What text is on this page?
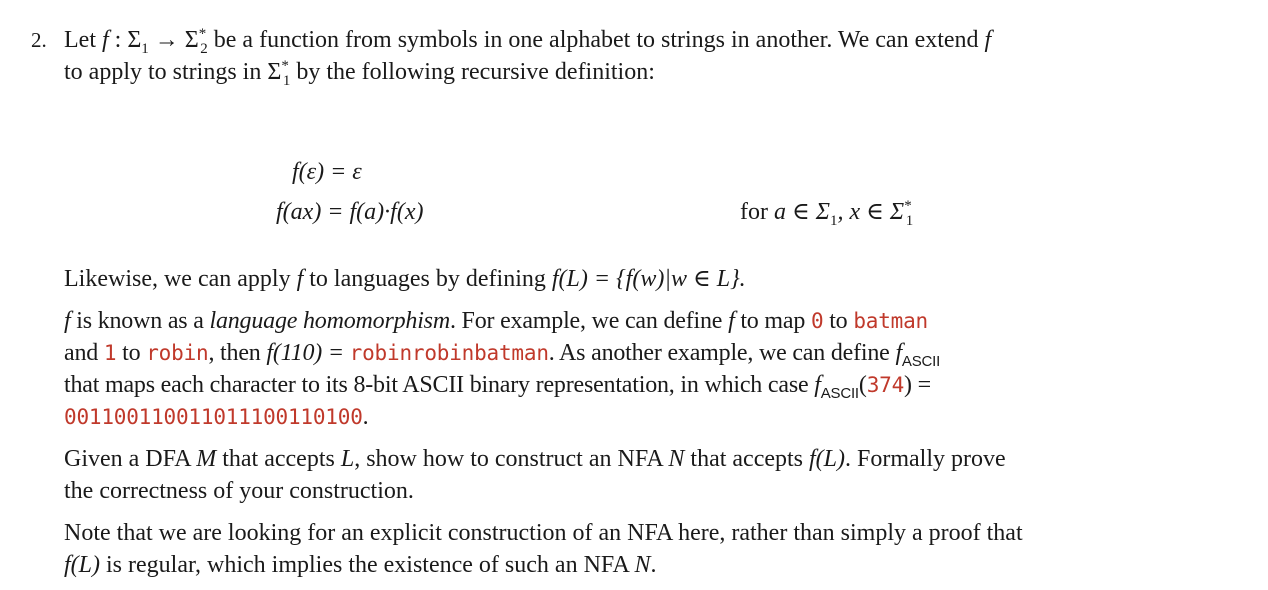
2. Let f : $\Sigma_1 \to \Sigma^*_2$ be a function from symbols in one alphabet to strings in another. We can extend f

to apply to strings in $\Sigma^*_1$ by the following recursive definition:

f(ε) = ε
f(ax) = f(a)·f(x)	for a ∈ $\Sigma_1$, x ∈ $\Sigma^*_1$

Likewise, we can apply f to languages by defining f(L) = {f(w)|w ∈ L}.

f is known as a language homomorphism. For example, we can define f to map 0 to batman

and 1 to robin, then f(110) = robinrobinbatman. As another example, we can define $f_{ASCII}$

that maps each character to its 8-bit ASCII binary representation, in which case $f_{ASCII}(374)$ =

001100110011011100110100.

Given a DFA M that accepts L, show how to construct an NFA N that accepts f(L). Formally prove

the correctness of your construction.

Note that we are looking for an explicit construction of an NFA here, rather than simply a proof that

f(L) is regular, which implies the existence of such an NFA N.
